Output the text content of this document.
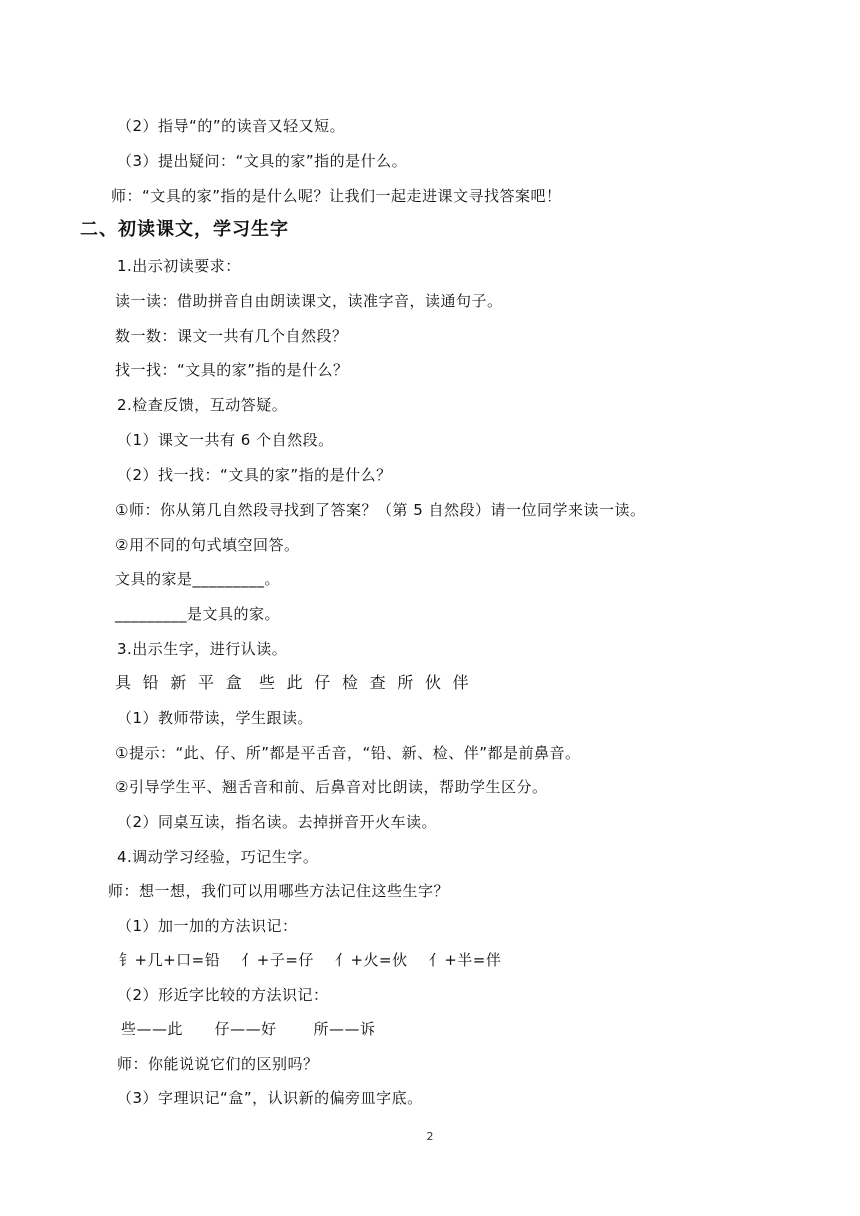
（2）指导“的”的读音又轻又短。
（3）提出疑问：“文具的家”指的是什么。
师：“文具的家”指的是什么呢？让我们一起走进课文寻找答案吧！
二、初读课文，学习生字
1.出示初读要求：
读一读：借助拼音自由朗读课文，读准字音，读通句子。
数一数：课文一共有几个自然段？
找一找：“文具的家”指的是什么？
2.检查反馈，互动答疑。
（1）课文一共有 6 个自然段。
（2）找一找：“文具的家”指的是什么？
①师：你从第几自然段寻找到了答案？（第 5 自然段）请一位同学来读一读。
②用不同的句式填空回答。
文具的家是_________。
_________是文具的家。
3.出示生字，进行认读。
具  铅  新  平  盒   些  此  仔  检  查  所  伙  伴
（1）教师带读，学生跟读。
①提示：“此、仔、所”都是平舌音，“铅、新、检、伴”都是前鼻音。
②引导学生平、翘舌音和前、后鼻音对比朗读，帮助学生区分。
（2）同桌互读，指名读。去掉拼音开火车读。
4.调动学习经验，巧记生字。
师：想一想，我们可以用哪些方法记住这些生字？
（1）加一加的方法识记：
钅+几+口=铅    亻+子=仔    亻+火=伙    亻+半=伴
（2）形近字比较的方法识记：
些——此      仔——好       所——诉
师：你能说说它们的区别吗？
（3）字理识记“盒”，认识新的偏旁皿字底。
2
